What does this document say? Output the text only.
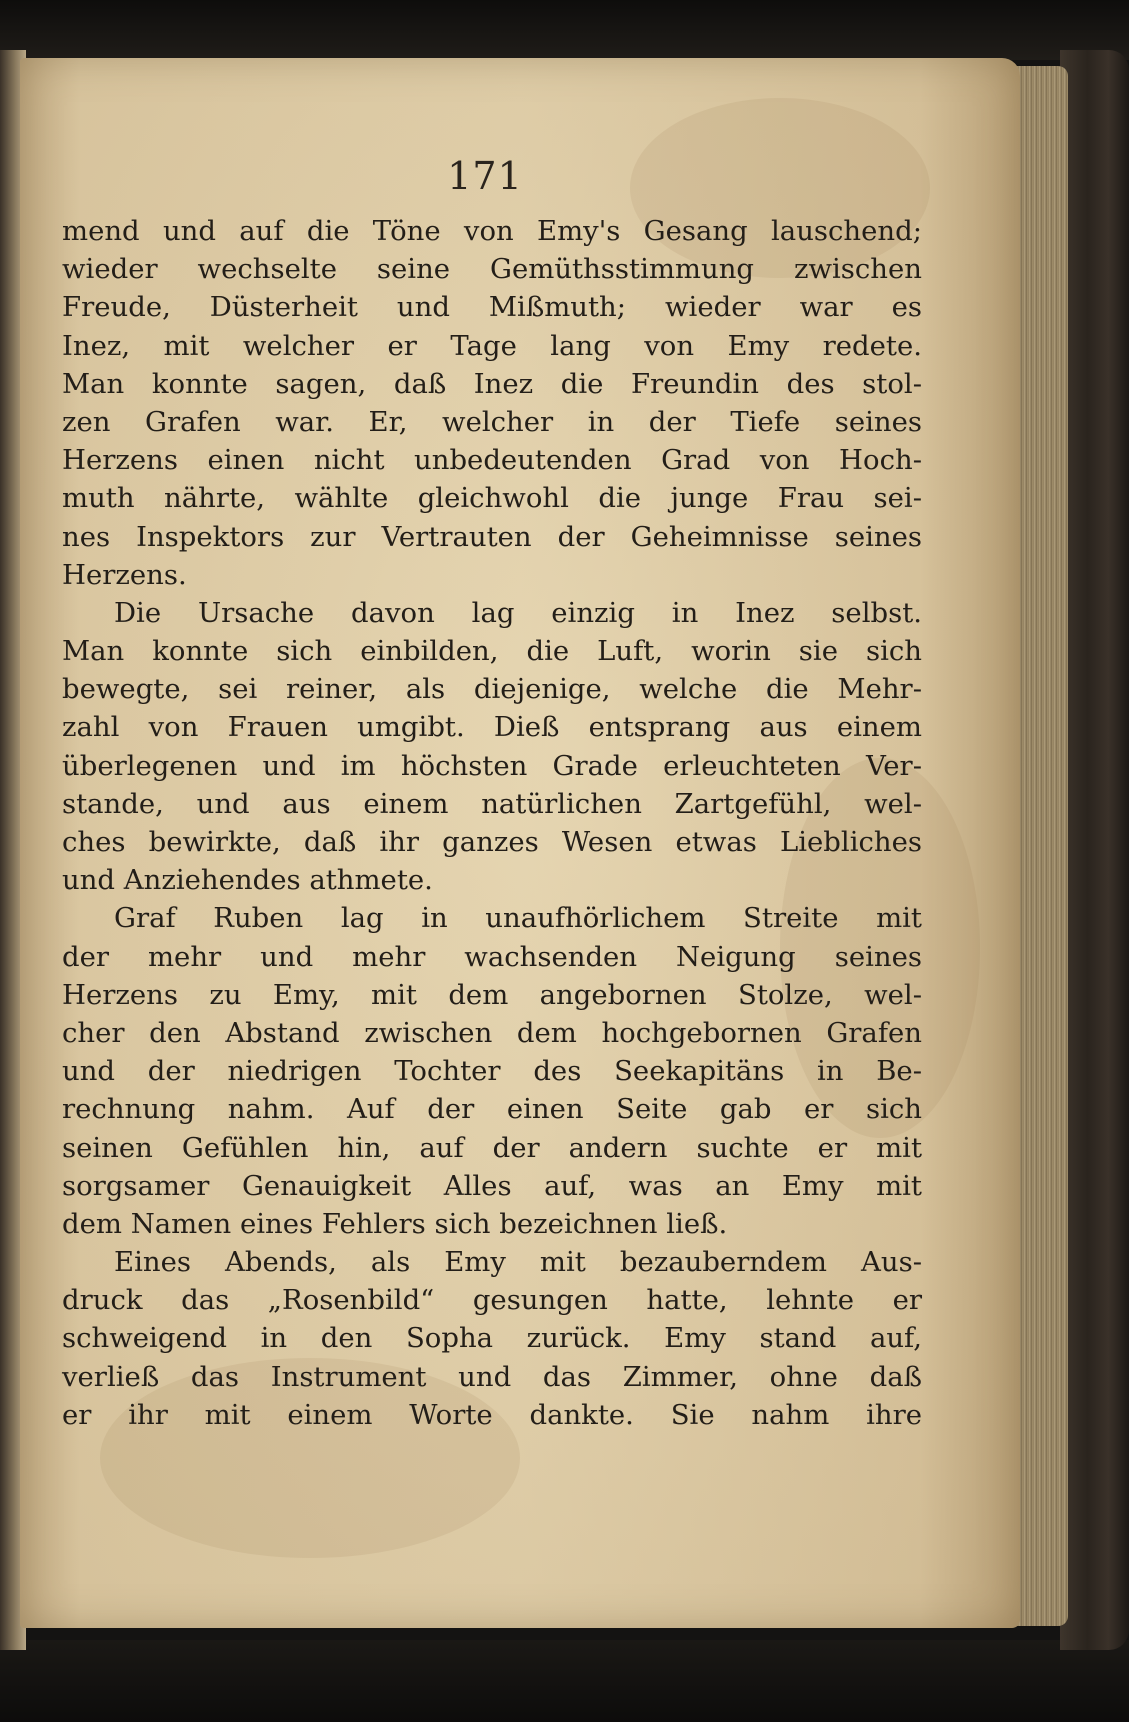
171
mend und auf die Töne von Emy's Gesang lauschend;
wieder wechselte seine Gemüthsstimmung zwischen
Freude, Düsterheit und Mißmuth; wieder war es
Inez, mit welcher er Tage lang von Emy redete.
Man konnte sagen, daß Inez die Freundin des stol-
zen Grafen war. Er, welcher in der Tiefe seines
Herzens einen nicht unbedeutenden Grad von Hoch-
muth nährte, wählte gleichwohl die junge Frau sei-
nes Inspektors zur Vertrauten der Geheimnisse seines
Herzens.
Die Ursache davon lag einzig in Inez selbst.
Man konnte sich einbilden, die Luft, worin sie sich
bewegte, sei reiner, als diejenige, welche die Mehr-
zahl von Frauen umgibt. Dieß entsprang aus einem
überlegenen und im höchsten Grade erleuchteten Ver-
stande, und aus einem natürlichen Zartgefühl, wel-
ches bewirkte, daß ihr ganzes Wesen etwas Liebliches
und Anziehendes athmete.
Graf Ruben lag in unaufhörlichem Streite mit
der mehr und mehr wachsenden Neigung seines
Herzens zu Emy, mit dem angebornen Stolze, wel-
cher den Abstand zwischen dem hochgebornen Grafen
und der niedrigen Tochter des Seekapitäns in Be-
rechnung nahm. Auf der einen Seite gab er sich
seinen Gefühlen hin, auf der andern suchte er mit
sorgsamer Genauigkeit Alles auf, was an Emy mit
dem Namen eines Fehlers sich bezeichnen ließ.
Eines Abends, als Emy mit bezauberndem Aus-
druck das „Rosenbild“ gesungen hatte, lehnte er
schweigend in den Sopha zurück. Emy stand auf,
verließ das Instrument und das Zimmer, ohne daß
er ihr mit einem Worte dankte. Sie nahm ihre
